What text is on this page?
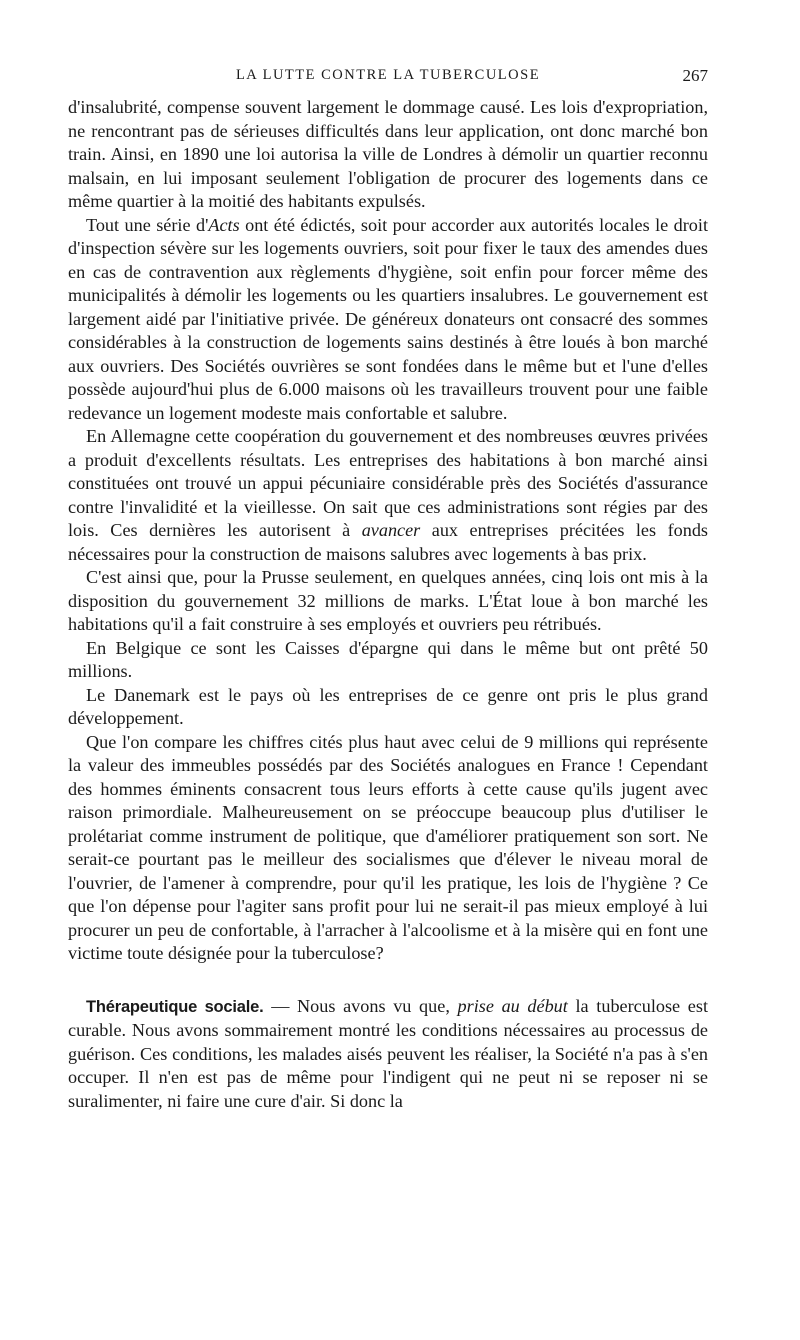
LA LUTTE CONTRE LA TUBERCULOSE	267

d'insalubrité, compense souvent largement le dommage causé. Les lois d'expropriation, ne rencontrant pas de sérieuses difficultés dans leur application, ont donc marché bon train. Ainsi, en 1890 une loi autorisa la ville de Londres à démolir un quartier reconnu malsain, en lui imposant seulement l'obligation de procurer des logements dans ce même quartier à la moitié des habitants expulsés.

Tout une série d'Acts ont été édictés, soit pour accorder aux autorités locales le droit d'inspection sévère sur les logements ouvriers, soit pour fixer le taux des amendes dues en cas de contravention aux règlements d'hygiène, soit enfin pour forcer même des municipalités à démolir les logements ou les quartiers insalubres. Le gouvernement est largement aidé par l'initiative privée. De généreux donateurs ont consacré des sommes considérables à la construction de logements sains destinés à être loués à bon marché aux ouvriers. Des Sociétés ouvrières se sont fondées dans le même but et l'une d'elles possède aujourd'hui plus de 6.000 maisons où les travailleurs trouvent pour une faible redevance un logement modeste mais confortable et salubre.

En Allemagne cette coopération du gouvernement et des nombreuses œuvres privées a produit d'excellents résultats. Les entreprises des habitations à bon marché ainsi constituées ont trouvé un appui pécuniaire considérable près des Sociétés d'assurance contre l'invalidité et la vieillesse. On sait que ces administrations sont régies par des lois. Ces dernières les autorisent à avancer aux entreprises précitées les fonds nécessaires pour la construction de maisons salubres avec logements à bas prix.

C'est ainsi que, pour la Prusse seulement, en quelques années, cinq lois ont mis à la disposition du gouvernement 32 millions de marks. L'État loue à bon marché les habitations qu'il a fait construire à ses employés et ouvriers peu rétribués.

En Belgique ce sont les Caisses d'épargne qui dans le même but ont prêté 50 millions.

Le Danemark est le pays où les entreprises de ce genre ont pris le plus grand développement.

Que l'on compare les chiffres cités plus haut avec celui de 9 millions qui représente la valeur des immeubles possédés par des Sociétés analogues en France ! Cependant des hommes éminents consacrent tous leurs efforts à cette cause qu'ils jugent avec raison primordiale. Malheureusement on se préoccupe beaucoup plus d'utiliser le prolétariat comme instrument de politique, que d'améliorer pratiquement son sort. Ne serait-ce pourtant pas le meilleur des socialismes que d'élever le niveau moral de l'ouvrier, de l'amener à comprendre, pour qu'il les pratique, les lois de l'hygiène ? Ce que l'on dépense pour l'agiter sans profit pour lui ne serait-il pas mieux employé à lui procurer un peu de confortable, à l'arracher à l'alcoolisme et à la misère qui en font une victime toute désignée pour la tuberculose?

Thérapeutique sociale. — Nous avons vu que, prise au début la tuberculose est curable. Nous avons sommairement montré les conditions nécessaires au processus de guérison. Ces conditions, les malades aisés peuvent les réaliser, la Société n'a pas à s'en occuper. Il n'en est pas de même pour l'indigent qui ne peut ni se reposer ni se suralimenter, ni faire une cure d'air. Si donc la
